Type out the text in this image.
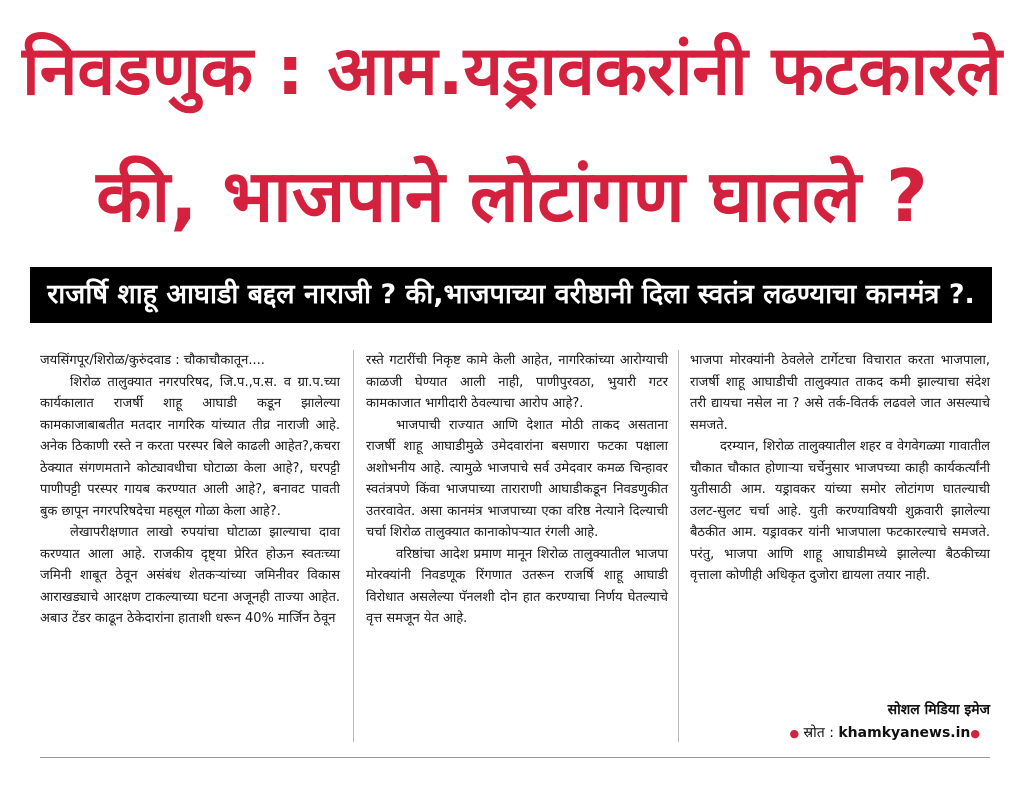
निवडणुक : आम.यड्रावकरांनी फटकारले
की, भाजपाने लोटांगण घातले ?
राजर्षि शाहू आघाडी बद्दल नाराजी ? की,भाजपाच्या वरीष्ठानी दिला स्वतंत्र लढण्याचा कानमंत्र ?.

जयसिंगपूर/शिरोळ/कुरुंदवाड : चौकाचौकातून....

शिरोळ तालुक्यात नगरपरिषद, जि.प.,प.स. व ग्रा.प.च्या कार्यकालात राजर्षी शाहू आघाडी कडून झालेल्या कामकाजाबाबतीत मतदार नागरिक यांच्यात तीव्र नाराजी आहे. अनेक ठिकाणी रस्ते न करता परस्पर बिले काढली आहेत?,कचरा ठेक्यात संगणमताने कोट्यावधीचा घोटाळा केला आहे?, घरपट्टी पाणीपट्टी परस्पर गायब करण्यात आली आहे?, बनावट पावती बुक छापून नगरपरिषदेचा महसूल गोळा केला आहे?.

लेखापरीक्षणात लाखो रुपयांचा घोटाळा झाल्याचा दावा करण्यात आला आहे. राजकीय दृष्ट्या प्रेरित होऊन स्वतःच्या जमिनी शाबूत ठेवून असंबंध शेतकऱ्यांच्या जमिनीवर विकास आराखड्याचे आरक्षण टाकल्याच्या घटना अजूनही ताज्या आहेत. अबाउ टेंडर काढून ठेकेदारांना हाताशी धरून 40% मार्जिन ठेवून

रस्ते गटारींची निकृष्ट कामे केली आहेत, नागरिकांच्या आरोग्याची काळजी घेण्यात आली नाही, पाणीपुरवठा, भुयारी गटर कामकाजात भागीदारी ठेवल्याचा आरोप आहे?.

भाजपाची राज्यात आणि देशात मोठी ताकद असताना राजर्षी शाहू आघाडीमुळे उमेदवारांना बसणारा फटका पक्षाला अशोभनीय आहे. त्यामुळे भाजपाचे सर्व उमेदवार कमळ चिन्हावर स्वतंत्रपणे किंवा भाजपाच्या ताराराणी आघाडीकडून निवडणुकीत उतरवावेत. असा कानमंत्र भाजपाच्या एका वरिष्ठ नेत्याने दिल्याची चर्चा शिरोळ तालुक्यात कानाकोपऱ्यात रंगली आहे.

वरिष्ठांचा आदेश प्रमाण मानून शिरोळ तालुक्यातील भाजपा मोरक्यांनी निवडणूक रिंगणात उतरून राजर्षि शाहू आघाडी विरोधात असलेल्या पॅनलशी दोन हात करण्याचा निर्णय घेतल्याचे वृत्त समजून येत आहे.

भाजपा मोरक्यांनी ठेवलेले टार्गेटचा विचारात करता भाजपाला, राजर्षी शाहू आघाडीची तालुक्यात ताकद कमी झाल्याचा संदेश तरी द्यायचा नसेल ना ? असे तर्क-वितर्क लढवले जात असल्याचे समजते.

दरम्यान, शिरोळ तालुक्यातील शहर व वेगवेगळ्या गावातील चौकात चौकात होणाऱ्या चर्चेनुसार भाजपच्या काही कार्यकर्त्यांनी युतीसाठी आम. यड्रावकर यांच्या समोर लोटांगण घातल्याची उलट-सुलट चर्चा आहे. युती करण्याविषयी शुक्रवारी झालेल्या बैठकीत आम. यड्रावकर यांनी भाजपाला फटकारल्याचे समजते. परंतु, भाजपा आणि शाहू आघाडीमध्ये झालेल्या बैठकीच्या वृत्ताला कोणीही अधिकृत दुजोरा द्यायला तयार नाही.

सोशल मिडिया इमेज
● स्रोत : khamkyanews.in●
